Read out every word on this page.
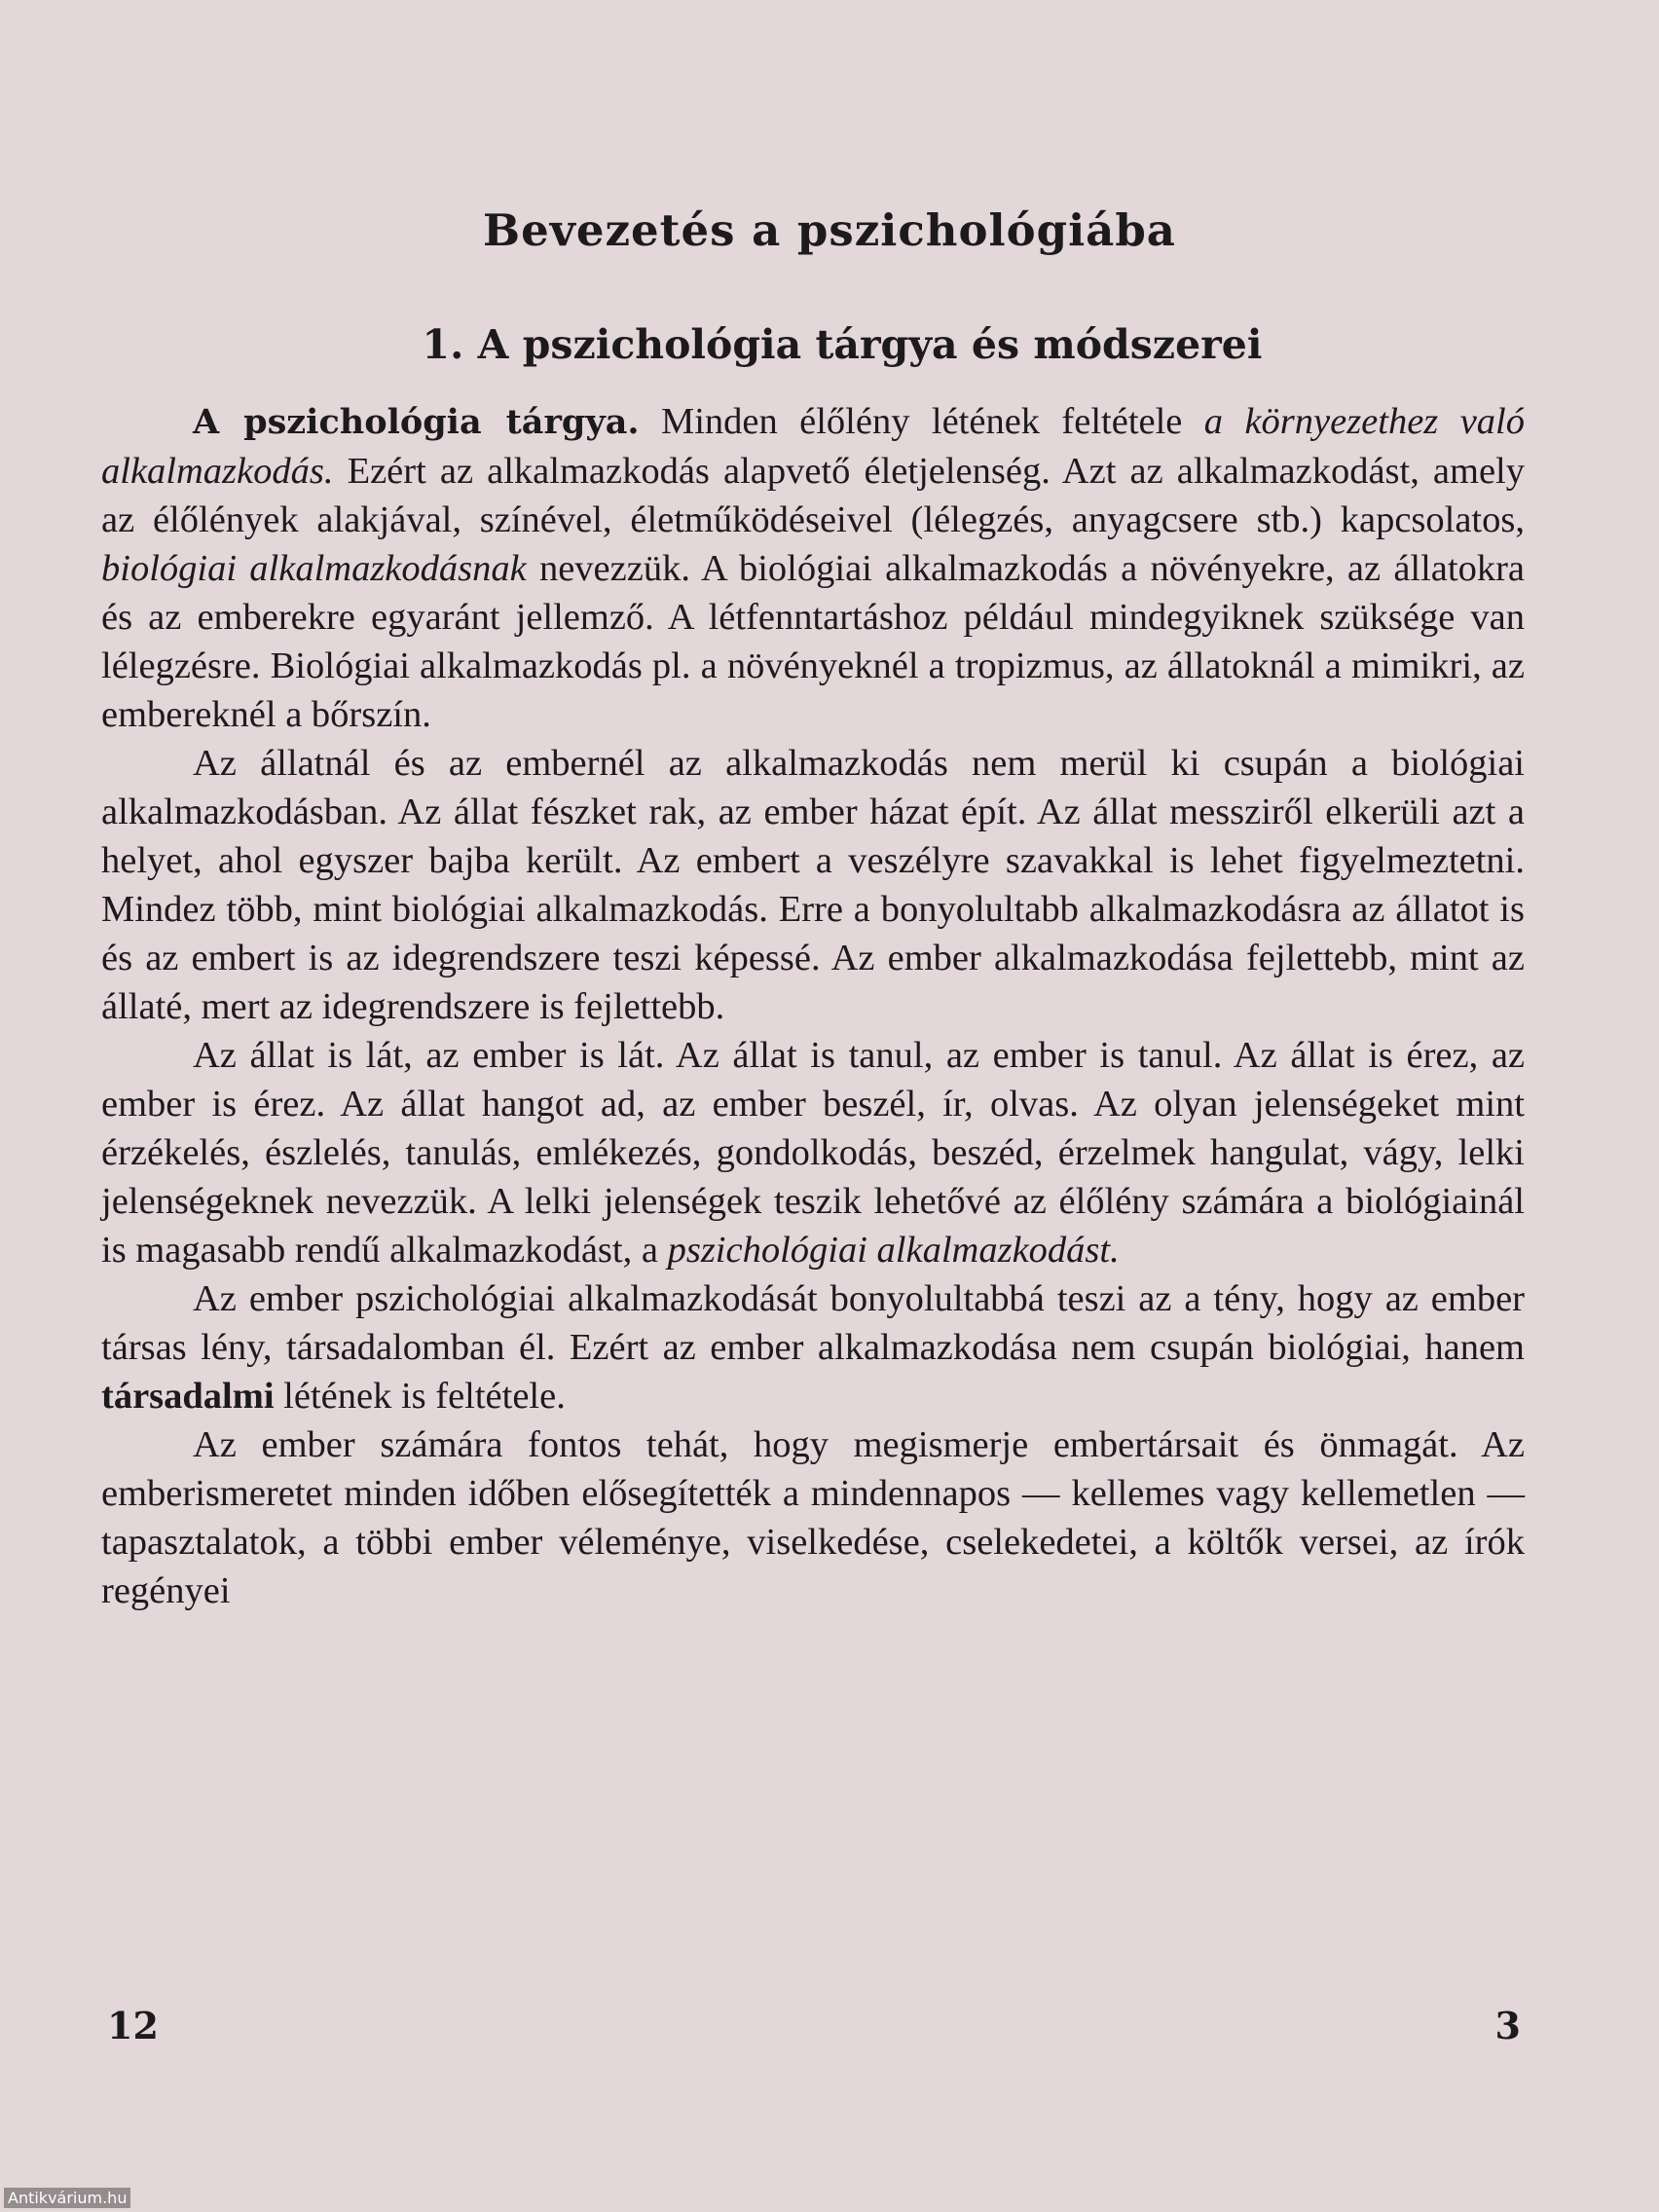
Bevezetés a pszichológiába
1. A pszichológia tárgya és módszerei

A pszichológia tárgya. Minden élőlény létének feltétele a környezethez való alkalmazkodás. Ezért az alkalmazkodás alapvető életjelenség. Azt az alkalmazkodást, amely az élőlények alakjával, színével, életműködéseivel (lélegzés, anyagcsere stb.) kapcsolatos, biológiai alkalmazkodásnak nevezzük. A biológiai alkalmazkodás a növényekre, az állatokra és az emberekre egyaránt jellemző. A létfenntartáshoz például mindegyiknek szüksége van lélegzésre. Biológiai alkalmazkodás pl. a növényeknél a tropizmus, az állatoknál a mimikri, az embereknél a bőrszín.

Az állatnál és az embernél az alkalmazkodás nem merül ki csupán a biológiai alkalmazkodásban. Az állat fészket rak, az ember házat épít. Az állat messziről elkerüli azt a helyet, ahol egyszer bajba került. Az embert a veszélyre szavakkal is lehet figyelmeztetni. Mindez több, mint biológiai alkalmazkodás. Erre a bonyolultabb alkalmazkodásra az állatot is és az embert is az idegrendszere teszi képessé. Az ember alkalmazkodása fejlettebb, mint az állaté, mert az idegrendszere is fejlettebb.

Az állat is lát, az ember is lát. Az állat is tanul, az ember is tanul. Az állat is érez, az ember is érez. Az állat hangot ad, az ember beszél, ír, olvas. Az olyan jelenségeket mint érzékelés, észlelés, tanulás, emlékezés, gondolkodás, beszéd, érzelmek hangulat, vágy, lelki jelenségeknek nevezzük. A lelki jelenségek teszik lehetővé az élőlény számára a biológiainál is magasabb rendű alkalmazkodást, a pszichológiai alkalmazkodást.

Az ember pszichológiai alkalmazkodását bonyolultabbá teszi az a tény, hogy az ember társas lény, társadalomban él. Ezért az ember alkalmazkodása nem csupán biológiai, hanem társadalmi létének is feltétele.

Az ember számára fontos tehát, hogy megismerje embertársait és önmagát. Az emberismeretet minden időben elősegítették a mindennapos — kellemes vagy kellemetlen — tapasztalatok, a többi ember véleménye, viselkedése, cselekedetei, a költők versei, az írók regényei

12	3
Antikvárium.hu
